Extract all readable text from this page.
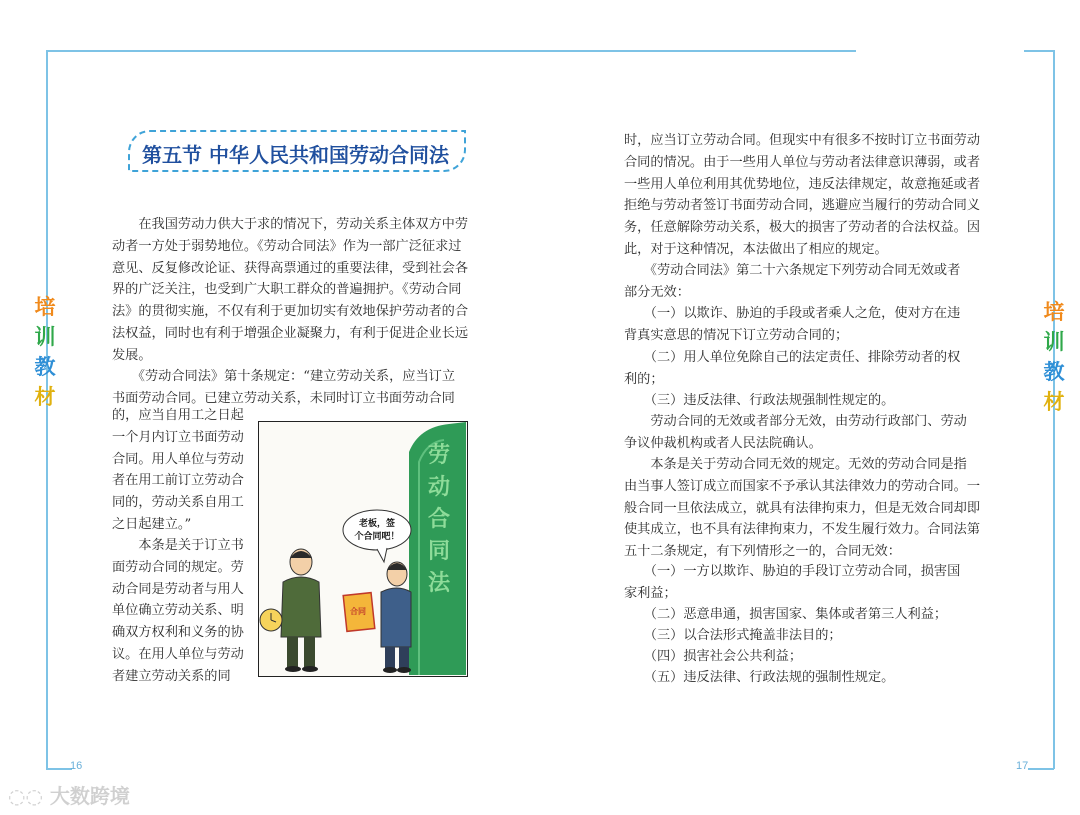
第五节 中华人民共和国劳动合同法
培
训
教
材
培
训
教
材

　　在我国劳动力供大于求的情况下，劳动关系主体双方中劳
动者一方处于弱势地位。《劳动合同法》作为一部广泛征求过
意见、反复修改论证、获得高票通过的重要法律，受到社会各
界的广泛关注，也受到广大职工群众的普遍拥护。《劳动合同
法》的贯彻实施，不仅有利于更加切实有效地保护劳动者的合
法权益，同时也有利于增强企业凝聚力，有利于促进企业长远
发展。

　　《劳动合同法》第十条规定：“建立劳动关系，应当订立
书面劳动合同。已建立劳动关系，未同时订立书面劳动合同

的，应当自用工之日起
一个月内订立书面劳动
合同。用人单位与劳动
者在用工前订立劳动合
同的，劳动关系自用工
之日起建立。”

　　本条是关于订立书
面劳动合同的规定。劳
动合同是劳动者与用人
单位确立劳动关系、明
确双方权利和义务的协
议。在用人单位与劳动
者建立劳动关系的同

劳
动
合
同
法
老板，签
个合同吧！
合同

时，应当订立劳动合同。但现实中有很多不按时订立书面劳动
合同的情况。由于一些用人单位与劳动者法律意识薄弱，或者
一些用人单位利用其优势地位，违反法律规定，故意拖延或者
拒绝与劳动者签订书面劳动合同，逃避应当履行的劳动合同义
务，任意解除劳动关系，极大的损害了劳动者的合法权益。因
此，对于这种情况，本法做出了相应的规定。

　　《劳动合同法》第二十六条规定下列劳动合同无效或者
部分无效：

　　（一）以欺诈、胁迫的手段或者乘人之危，使对方在违
背真实意思的情况下订立劳动合同的；

　　（二）用人单位免除自己的法定责任、排除劳动者的权
利的；

　　（三）违反法律、行政法规强制性规定的。

　　劳动合同的无效或者部分无效，由劳动行政部门、劳动
争议仲裁机构或者人民法院确认。

　　本条是关于劳动合同无效的规定。无效的劳动合同是指
由当事人签订成立而国家不予承认其法律效力的劳动合同。一
般合同一旦依法成立，就具有法律拘束力，但是无效合同却即
使其成立，也不具有法律拘束力，不发生履行效力。合同法第
五十二条规定，有下列情形之一的，合同无效：

　　（一）一方以欺诈、胁迫的手段订立劳动合同，损害国
家利益；

　　（二）恶意串通，损害国家、集体或者第三人利益；

　　（三）以合法形式掩盖非法目的；

　　（四）损害社会公共利益；

　　（五）违反法律、行政法规的强制性规定。

16	17
◌◌ 大数跨境
